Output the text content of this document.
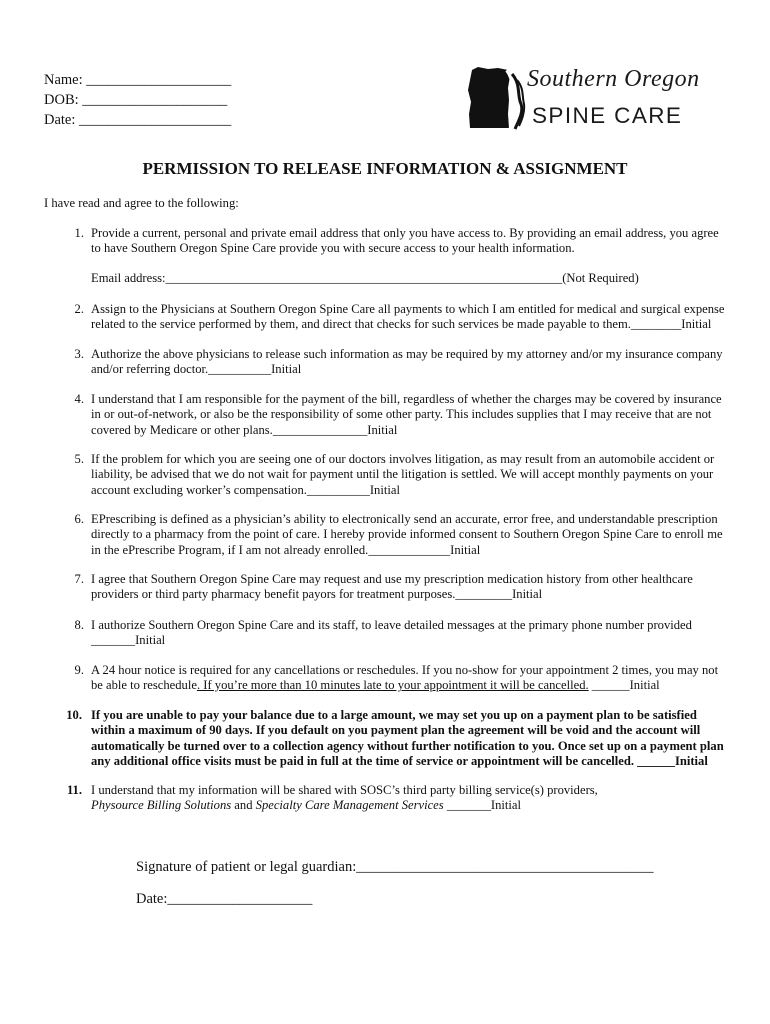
Name: ____________________
DOB: ____________________
Date: _____________________
Southern Oregon
SPINE CARE
PERMISSION TO RELEASE INFORMATION & ASSIGNMENT
I have read and agree to the following:
1. Provide a current, personal and private email address that only you have access to. By providing an email address, you agree
to have Southern Oregon Spine Care provide you with secure access to your health information.
Email address:_______________________________________________________________(Not Required)
2. Assign to the Physicians at Southern Oregon Spine Care all payments to which I am entitled for medical and surgical expense
related to the service performed by them, and direct that checks for such services be made payable to them.________Initial
3. Authorize the above physicians to release such information as may be required by my attorney and/or my insurance company
and/or referring doctor.__________Initial
4. I understand that I am responsible for the payment of the bill, regardless of whether the charges may be covered by insurance
in or out-of-network, or also be the responsibility of some other party. This includes supplies that I may receive that are not
covered by Medicare or other plans._______________Initial
5. If the problem for which you are seeing one of our doctors involves litigation, as may result from an automobile accident or
liability, be advised that we do not wait for payment until the litigation is settled. We will accept monthly payments on your
account excluding worker’s compensation.__________Initial
6. EPrescribing is defined as a physician’s ability to electronically send an accurate, error free, and understandable prescription
directly to a pharmacy from the point of care. I hereby provide informed consent to Southern Oregon Spine Care to enroll me
in the ePrescribe Program, if I am not already enrolled._____________Initial
7. I agree that Southern Oregon Spine Care may request and use my prescription medication history from other healthcare
providers or third party pharmacy benefit payors for treatment purposes._________Initial
8. I authorize Southern Oregon Spine Care and its staff, to leave detailed messages at the primary phone number provided
_______Initial
9. A 24 hour notice is required for any cancellations or reschedules. If you no-show for your appointment 2 times, you may not
be able to reschedule. If you’re more than 10 minutes late to your appointment it will be cancelled. ______Initial
10. If you are unable to pay your balance due to a large amount, we may set you up on a payment plan to be satisfied
within a maximum of 90 days. If you default on you payment plan the agreement will be void and the account will
automatically be turned over to a collection agency without further notification to you. Once set up on a payment plan
any additional office visits must be paid in full at the time of service or appointment will be cancelled. ______Initial
11. I understand that my information will be shared with SOSC’s third party billing service(s) providers,
Physource Billing Solutions and Specialty Care Management Services _______Initial
Signature of patient or legal guardian:_________________________________________
Date:____________________
